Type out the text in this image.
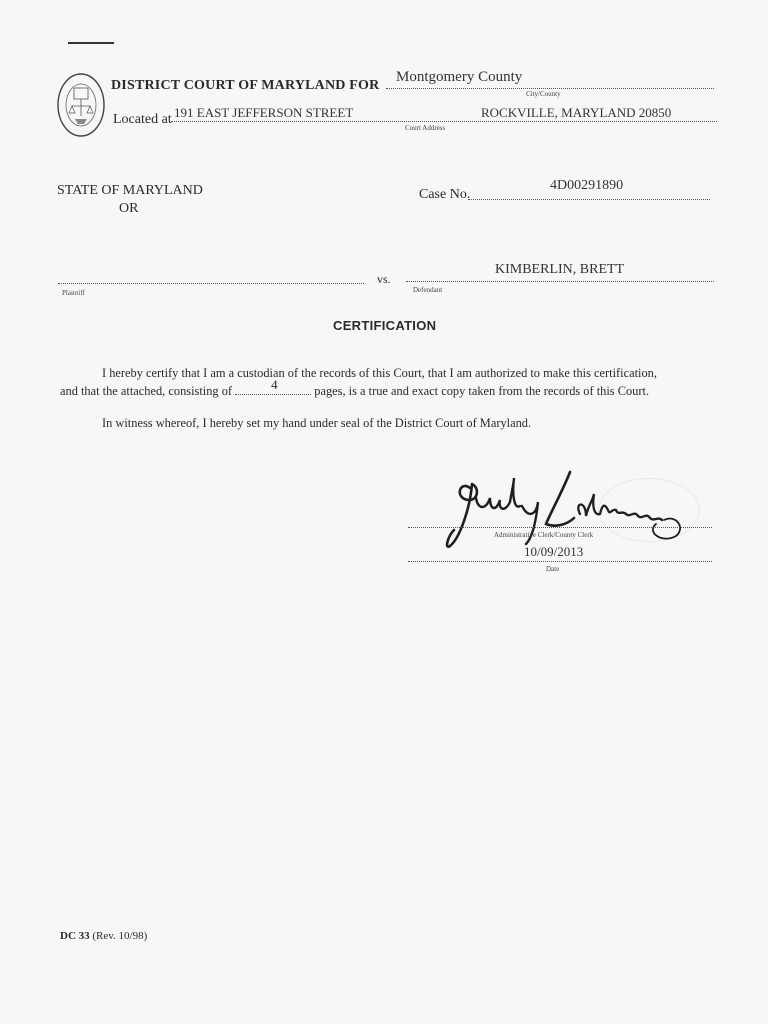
DISTRICT COURT OF MARYLAND FOR
Montgomery County
City/County
Located at 191 EAST JEFFERSON STREET	ROCKVILLE, MARYLAND 20850
Court Address
STATE OF MARYLAND
OR
Case No.
4D00291890
vs.
KIMBERLIN, BRETT
Plaintiff	Defendant
CERTIFICATION
I hereby certify that I am a custodian of the records of this Court, that I am authorized to make this certification,
and that the attached, consisting of	4	pages, is a true and exact copy taken from the records of this Court.
In witness whereof, I hereby set my hand under seal of the District Court of Maryland.
Administrative Clerk/County Clerk
10/09/2013
Date
DC 33 (Rev. 10/98)
